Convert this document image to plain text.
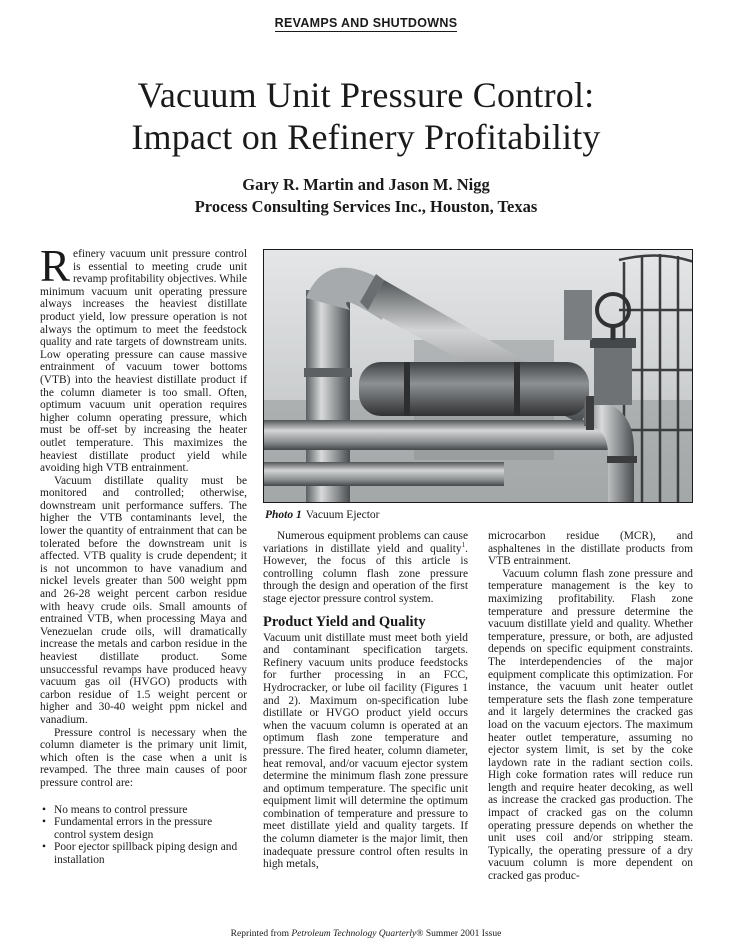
REVAMPS AND SHUTDOWNS
Vacuum Unit Pressure Control:
Impact on Refinery Profitability
Gary R. Martin and Jason M. Nigg
Process Consulting Services Inc., Houston, Texas

Refinery vacuum unit pressure control is essential to meeting crude unit revamp profitability objectives. While minimum vacuum unit operating pressure always increases the heaviest distillate product yield, low pressure operation is not always the optimum to meet the feedstock quality and rate targets of downstream units. Low operating pressure can cause massive entrainment of vacuum tower bottoms (VTB) into the heaviest distillate product if the column diameter is too small. Often, optimum vacuum unit operation requires higher column operating pressure, which must be off-set by increasing the heater outlet temperature. This maximizes the heaviest distillate product yield while avoiding high VTB entrainment.

Vacuum distillate quality must be monitored and controlled; otherwise, downstream unit performance suffers. The higher the VTB contaminants level, the lower the quantity of entrainment that can be tolerated before the downstream unit is affected. VTB quality is crude dependent; it is not uncommon to have vanadium and nickel levels greater than 500 weight ppm and 26-28 weight percent carbon residue with heavy crude oils. Small amounts of entrained VTB, when processing Maya and Venezuelan crude oils, will dramatically increase the metals and carbon residue in the heaviest distillate product. Some unsuccessful revamps have produced heavy vacuum gas oil (HVGO) products with carbon residue of 1.5 weight percent or higher and 30-40 weight ppm nickel and vanadium.

Pressure control is necessary when the column diameter is the primary unit limit, which often is the case when a unit is revamped. The three main causes of poor pressure control are:

• No means to control pressure
• Fundamental errors in the pressure control system design
• Poor ejector spillback piping design and installation
Photo 1 Vacuum Ejector

Numerous equipment problems can cause variations in distillate yield and quality$^1$. However, the focus of this article is controlling column flash zone pressure through the design and operation of the first stage ejector pressure control system.

Product Yield and Quality

Vacuum unit distillate must meet both yield and contaminant specification targets. Refinery vacuum units produce feedstocks for further processing in an FCC, Hydrocracker, or lube oil facility (Figures 1 and 2). Maximum on-specification lube distillate or HVGO product yield occurs when the vacuum column is operated at an optimum flash zone temperature and pressure. The fired heater, column diameter, heat removal, and/or vacuum ejector system determine the minimum flash zone pressure and optimum temperature. The specific unit equipment limit will determine the optimum combination of temperature and pressure to meet distillate yield and quality targets. If the column diameter is the major limit, then inadequate pressure control often results in high metals,

microcarbon residue (MCR), and asphaltenes in the distillate products from VTB entrainment.

Vacuum column flash zone pressure and temperature management is the key to maximizing profitability. Flash zone temperature and pressure determine the vacuum distillate yield and quality. Whether temperature, pressure, or both, are adjusted depends on specific equipment constraints. The interdependencies of the major equipment complicate this optimization. For instance, the vacuum unit heater outlet temperature sets the flash zone temperature and it largely determines the cracked gas load on the vacuum ejectors. The maximum heater outlet temperature, assuming no ejector system limit, is set by the coke laydown rate in the radiant section coils. High coke formation rates will reduce run length and require heater decoking, as well as increase the cracked gas production. The impact of cracked gas on the column operating pressure depends on whether the unit uses coil and/or stripping steam. Typically, the operating pressure of a dry vacuum column is more dependent on cracked gas produc-

Reprinted from Petroleum Technology Quarterly® Summer 2001 Issue
